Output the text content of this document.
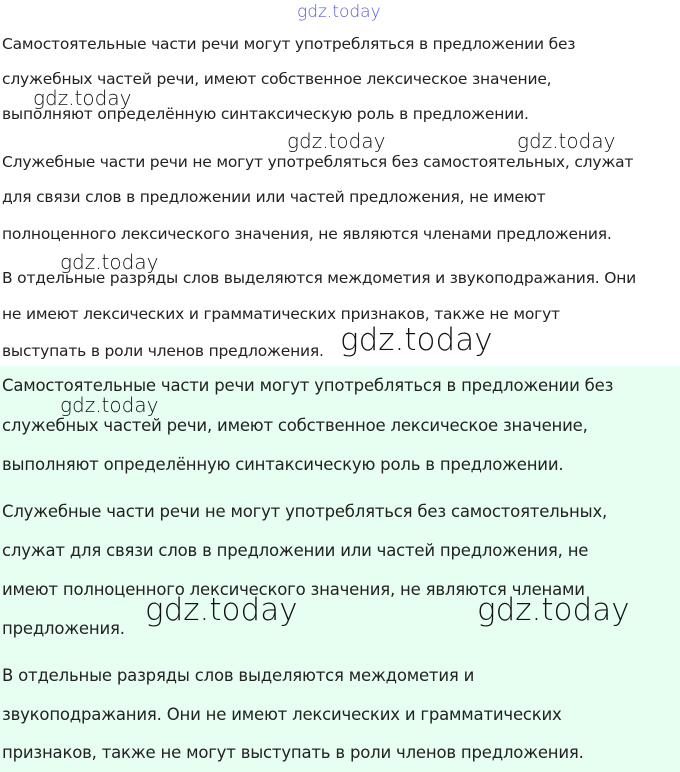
Самостоятельные части речи могут употребляться в предложении без
служебных частей речи, имеют собственное лексическое значение,
выполняют определённую синтаксическую роль в предложении.
Служебные части речи не могут употребляться без самостоятельных, служат
для связи слов в предложении или частей предложения, не имеют
полноценного лексического значения, не являются членами предложения.
В отдельные разряды слов выделяются междометия и звукоподражания. Они
не имеют лексических и грамматических признаков, также не могут
выступать в роли членов предложения.
Самостоятельные части речи могут употребляться в предложении без
служебных частей речи, имеют собственное лексическое значение,
выполняют определённую синтаксическую роль в предложении.
Служебные части речи не могут употребляться без самостоятельных,
служат для связи слов в предложении или частей предложения, не
имеют полноценного лексического значения, не являются членами
предложения.
В отдельные разряды слов выделяются междометия и
звукоподражания. Они не имеют лексических и грамматических
признаков, также не могут выступать в роли членов предложения.
gdz.today
gdz.today
gdz.today	gdz.today
gdz.today
gdz.today
gdz.today
gdz.today	gdz.today
